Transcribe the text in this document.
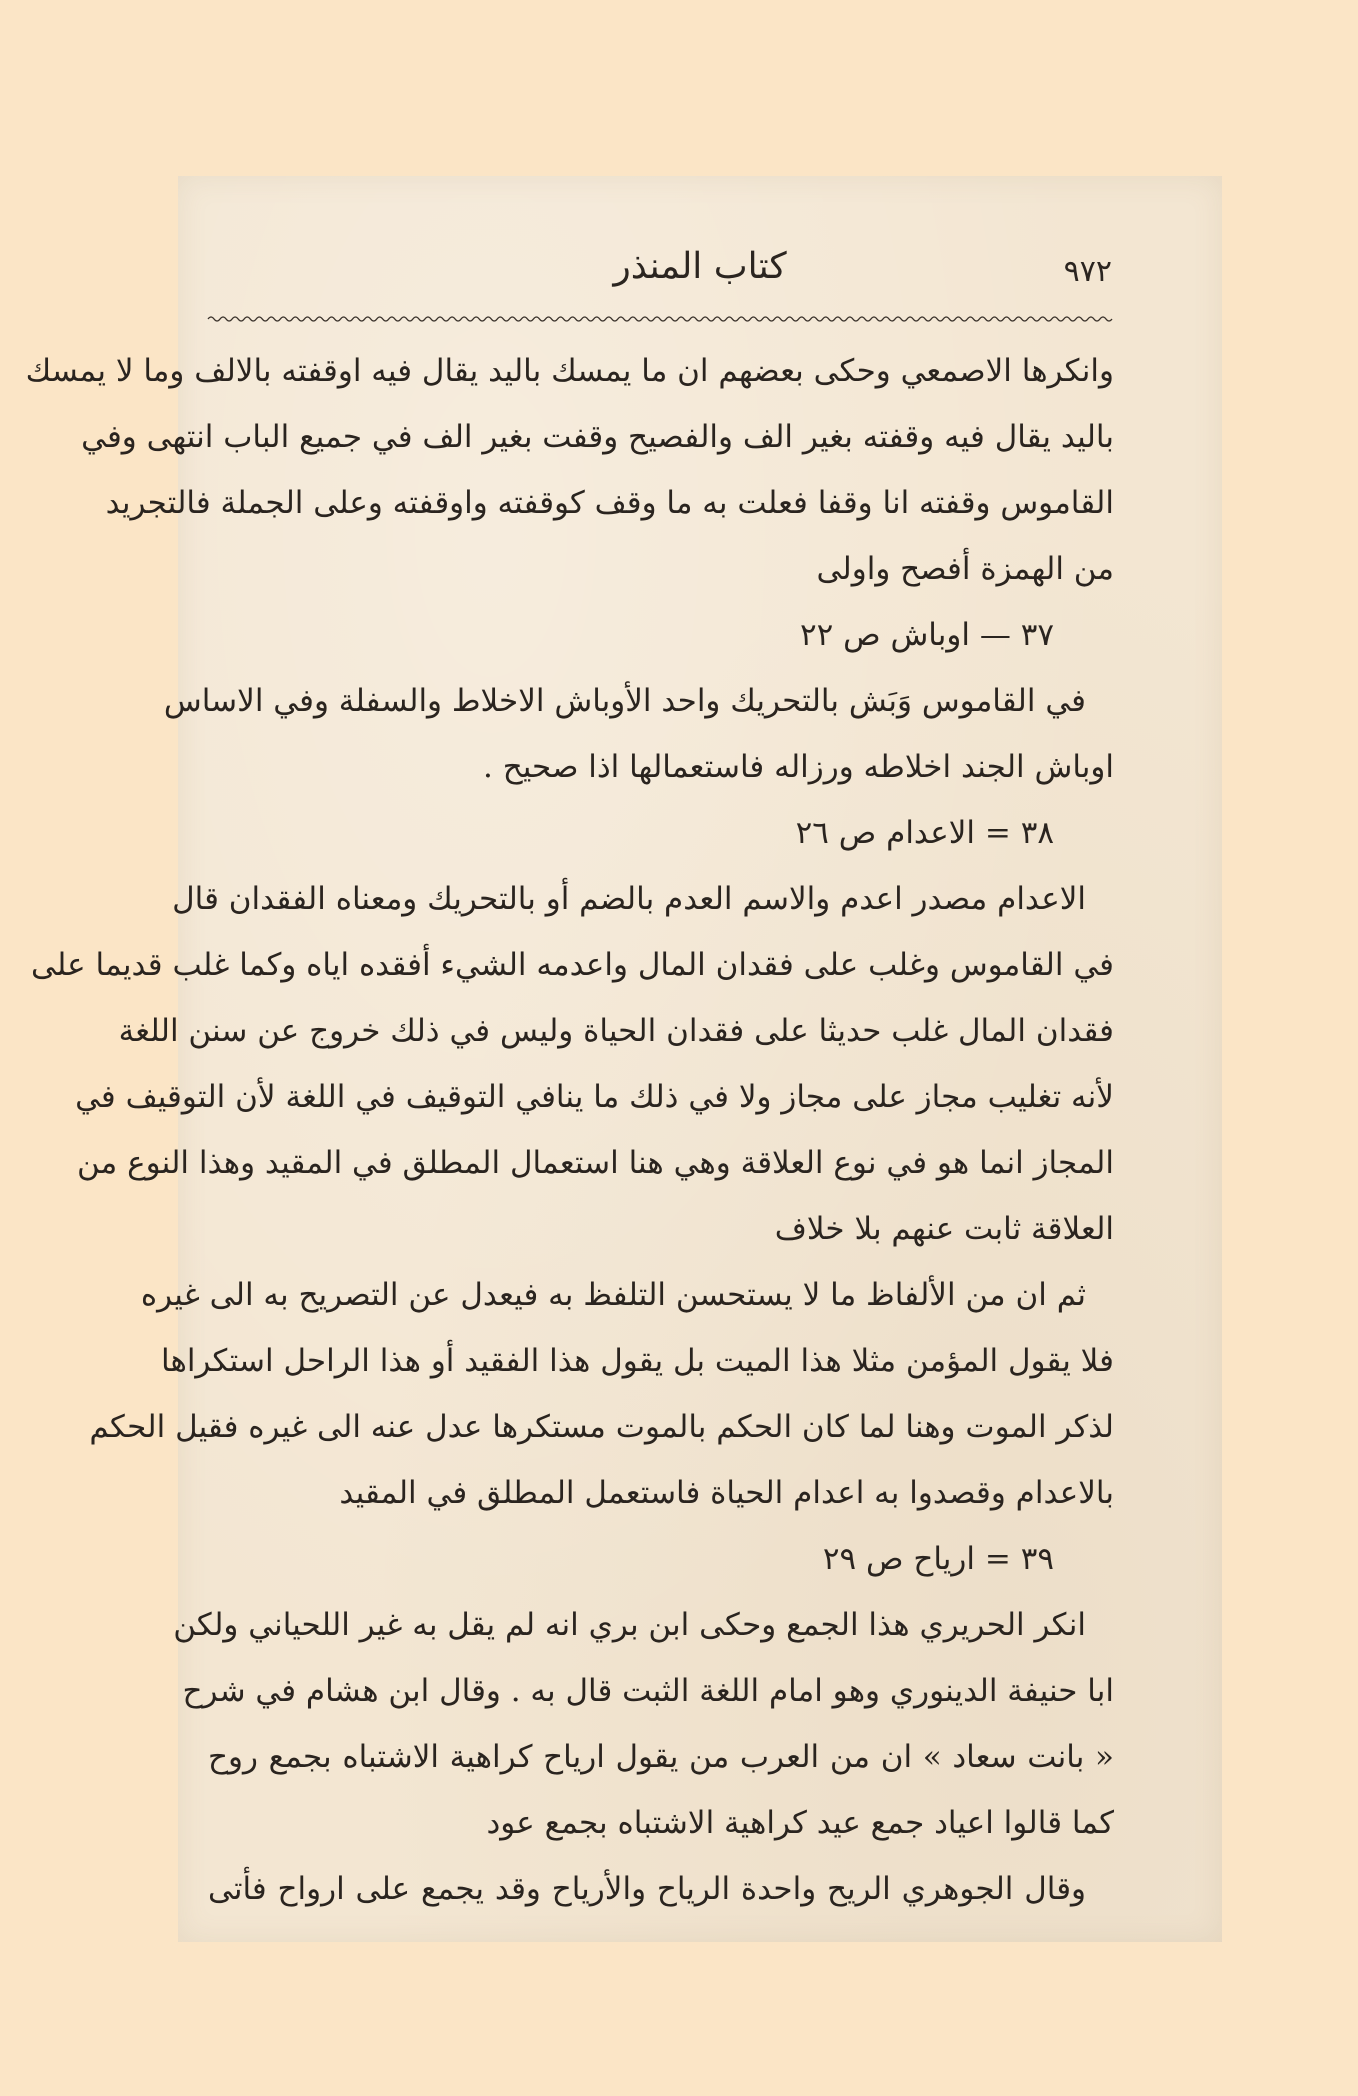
٩٧٢
كتاب المنذر
وانكرها الاصمعي وحكى بعضهم ان ما يمسك باليد يقال فيه اوقفته بالالف وما لا يمسك
باليد يقال فيه وقفته بغير الف والفصيح وقفت بغير الف في جميع الباب انتهى وفي
القاموس وقفته انا وقفا فعلت به ما وقف كوقفته واوقفته وعلى الجملة فالتجريد
من الهمزة أفصح واولى
٣٧ — اوباش ص ٢٢
في القاموس وَبَش بالتحريك واحد الأوباش الاخلاط والسفلة وفي الاساس
اوباش الجند اخلاطه ورزاله فاستعمالها اذا صحيح .
٣٨ = الاعدام ص ٢٦
الاعدام مصدر اعدم والاسم العدم بالضم أو بالتحريك ومعناه الفقدان قال
في القاموس وغلب على فقدان المال واعدمه الشيء أفقده اياه وكما غلب قديما على
فقدان المال غلب حديثا على فقدان الحياة وليس في ذلك خروج عن سنن اللغة
لأنه تغليب مجاز على مجاز ولا في ذلك ما ينافي التوقيف في اللغة لأن التوقيف في
المجاز انما هو في نوع العلاقة وهي هنا استعمال المطلق في المقيد وهذا النوع من
العلاقة ثابت عنهم بلا خلاف
ثم ان من الألفاظ ما لا يستحسن التلفظ به فيعدل عن التصريح به الى غيره
فلا يقول المؤمن مثلا هذا الميت بل يقول هذا الفقيد أو هذا الراحل استكراها
لذكر الموت وهنا لما كان الحكم بالموت مستكرها عدل عنه الى غيره فقيل الحكم
بالاعدام وقصدوا به اعدام الحياة فاستعمل المطلق في المقيد
٣٩ = ارياح ص ٢٩
انكر الحريري هذا الجمع وحكى ابن بري انه لم يقل به غير اللحياني ولكن
ابا حنيفة الدينوري وهو امام اللغة الثبت قال به . وقال ابن هشام في شرح
« بانت سعاد » ان من العرب من يقول ارياح كراهية الاشتباه بجمع روح
كما قالوا اعياد جمع عيد كراهية الاشتباه بجمع عود
وقال الجوهري الريح واحدة الرياح والأرياح وقد يجمع على ارواح فأتى
